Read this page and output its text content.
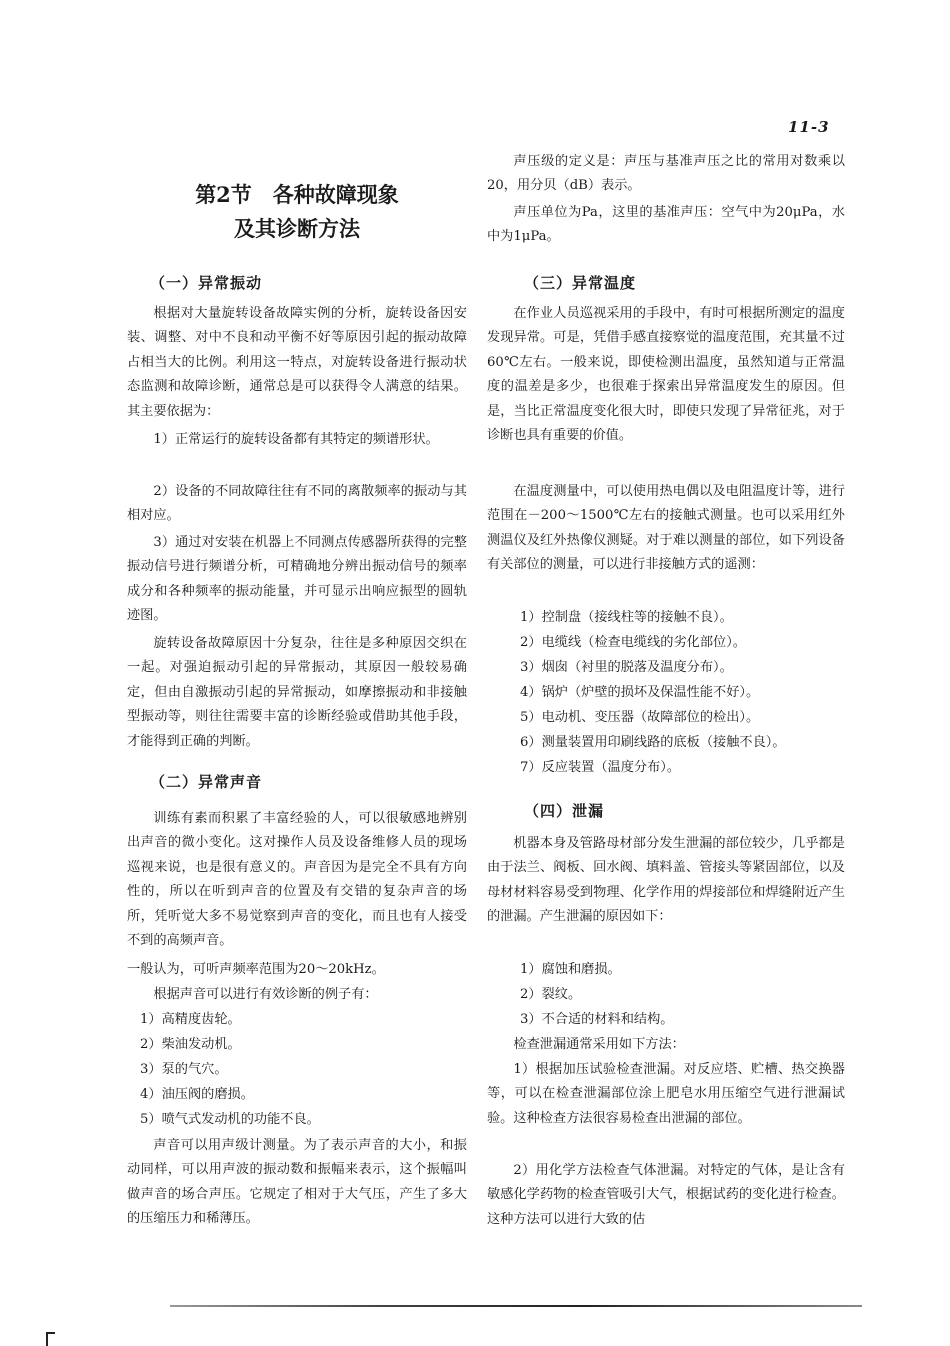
11-3
第2节　各种故障现象
及其诊断方法
（一）异常振动

根据对大量旋转设备故障实例的分析，旋转设备因安装、调整、对中不良和动平衡不好等原因引起的振动故障占相当大的比例。利用这一特点，对旋转设备进行振动状态监测和故障诊断，通常总是可以获得令人满意的结果。其主要依据为：

1）正常运行的旋转设备都有其特定的频谱形状。

2）设备的不同故障往往有不同的离散频率的振动与其相对应。

3）通过对安装在机器上不同测点传感器所获得的完整振动信号进行频谱分析，可精确地分辨出振动信号的频率成分和各种频率的振动能量，并可显示出响应振型的圆轨迹图。

旋转设备故障原因十分复杂，往往是多种原因交织在一起。对强迫振动引起的异常振动，其原因一般较易确定，但由自激振动引起的异常振动，如摩擦振动和非接触型振动等，则往往需要丰富的诊断经验或借助其他手段，才能得到正确的判断。

（二）异常声音

训练有素而积累了丰富经验的人，可以很敏感地辨别出声音的微小变化。这对操作人员及设备维修人员的现场巡视来说，也是很有意义的。声音因为是完全不具有方向性的，所以在听到声音的位置及有交错的复杂声音的场所，凭听觉大多不易觉察到声音的变化，而且也有人接受不到的高频声音。

一般认为，可听声频率范围为20～20kHz。

根据声音可以进行有效诊断的例子有：

1）高精度齿轮。
2）柴油发动机。
3）泵的气穴。
4）油压阀的磨损。
5）喷气式发动机的功能不良。

声音可以用声级计测量。为了表示声音的大小，和振动同样，可以用声波的振动数和振幅来表示，这个振幅叫做声音的场合声压。它规定了相对于大气压，产生了多大的压缩压力和稀薄压。

声压级的定义是：声压与基准声压之比的常用对数乘以20，用分贝（dB）表示。

声压单位为Pa，这里的基准声压：空气中为20μPa，水中为1μPa。

（三）异常温度

在作业人员巡视采用的手段中，有时可根据所测定的温度发现异常。可是，凭借手感直接察觉的温度范围，充其量不过60℃左右。一般来说，即使检测出温度，虽然知道与正常温度的温差是多少，也很难于探索出异常温度发生的原因。但是，当比正常温度变化很大时，即使只发现了异常征兆，对于诊断也具有重要的价值。

在温度测量中，可以使用热电偶以及电阻温度计等，进行范围在－200～1500℃左右的接触式测量。也可以采用红外测温仪及红外热像仪测疑。对于难以测量的部位，如下列设备有关部位的测量，可以进行非接触方式的遥测：

1）控制盘（接线柱等的接触不良）。
2）电缆线（检查电缆线的劣化部位）。
3）烟囱（衬里的脱落及温度分布）。
4）锅炉（炉壁的损坏及保温性能不好）。
5）电动机、变压器（故障部位的检出）。
6）测量装置用印刷线路的底板（接触不良）。
7）反应装置（温度分布）。
（四）泄漏

机器本身及管路母材部分发生泄漏的部位较少，几乎都是由于法兰、阀板、回水阀、填料盖、管接头等紧固部位，以及母材材料容易受到物理、化学作用的焊接部位和焊缝附近产生的泄漏。产生泄漏的原因如下：

1）腐蚀和磨损。
2）裂纹。
3）不合适的材料和结构。

检查泄漏通常采用如下方法：

1）根据加压试验检查泄漏。对反应塔、贮槽、热交换器等，可以在检查泄漏部位涂上肥皂水用压缩空气进行泄漏试验。这种检查方法很容易检查出泄漏的部位。

2）用化学方法检查气体泄漏。对特定的气体，是让含有敏感化学药物的检查管吸引大气，根据试药的变化进行检查。这种方法可以进行大致的估
